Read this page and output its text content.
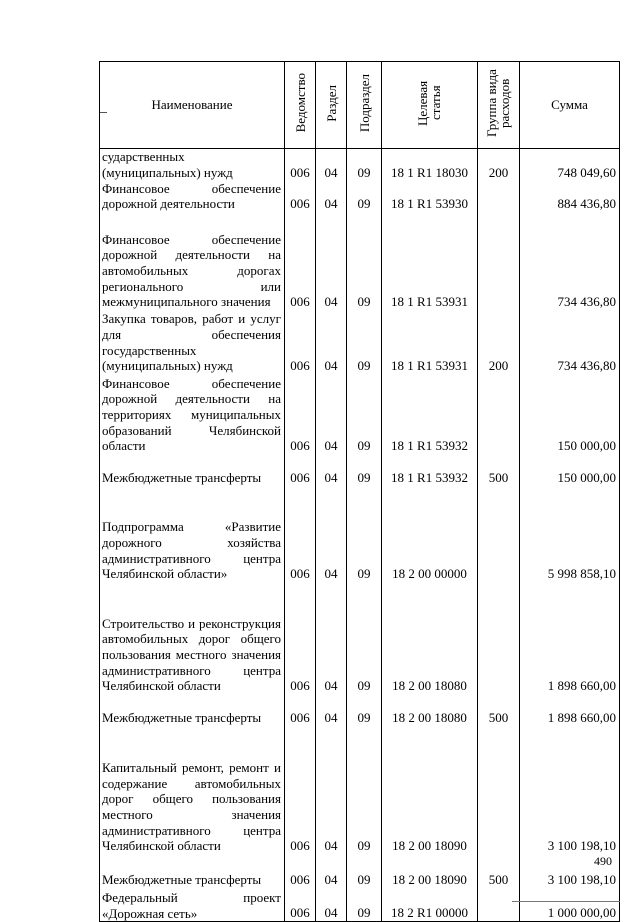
Наименование	Ведомство	Раздел	Подраздел	Целевая статья	Группа вида расходов	Сумма

сударственных (муниципальных) нужд	006	04	09	18 1 R1 18030	200	748 049,60

Финансовое обеспечение дорожной деятельности	006	04	09	18 1 R1 53930		884 436,80

Финансовое обеспечение дорожной деятельности на автомобильных дорогах регионального или межмуниципального значения	006	04	09	18 1 R1 53931		734 436,80

Закупка товаров, работ и услуг для обеспечения государственных (муниципальных) нужд	006	04	09	18 1 R1 53931	200	734 436,80

Финансовое обеспечение дорожной деятельности на территориях муниципальных образований Челябинской области	006	04	09	18 1 R1 53932		150 000,00

Межбюджетные трансферты	006	04	09	18 1 R1 53932	500	150 000,00

Подпрограмма «Развитие дорожного хозяйства административного центра Челябинской области»	006	04	09	18 2 00 00000		5 998 858,10

Строительство и реконструкция автомобильных дорог общего пользования местного значения административного центра Челябинской области	006	04	09	18 2 00 18080		1 898 660,00

Межбюджетные трансферты	006	04	09	18 2 00 18080	500	1 898 660,00

Капитальный ремонт, ремонт и содержание автомобильных дорог общего пользования местного значения административного центра Челябинской области	006	04	09	18 2 00 18090		3 100 198,10

Межбюджетные трансферты	006	04	09	18 2 00 18090	500	3 100 198,10

Федеральный проект «Дорожная сеть»	006	04	09	18 2 R1 00000		1 000 000,00
490
